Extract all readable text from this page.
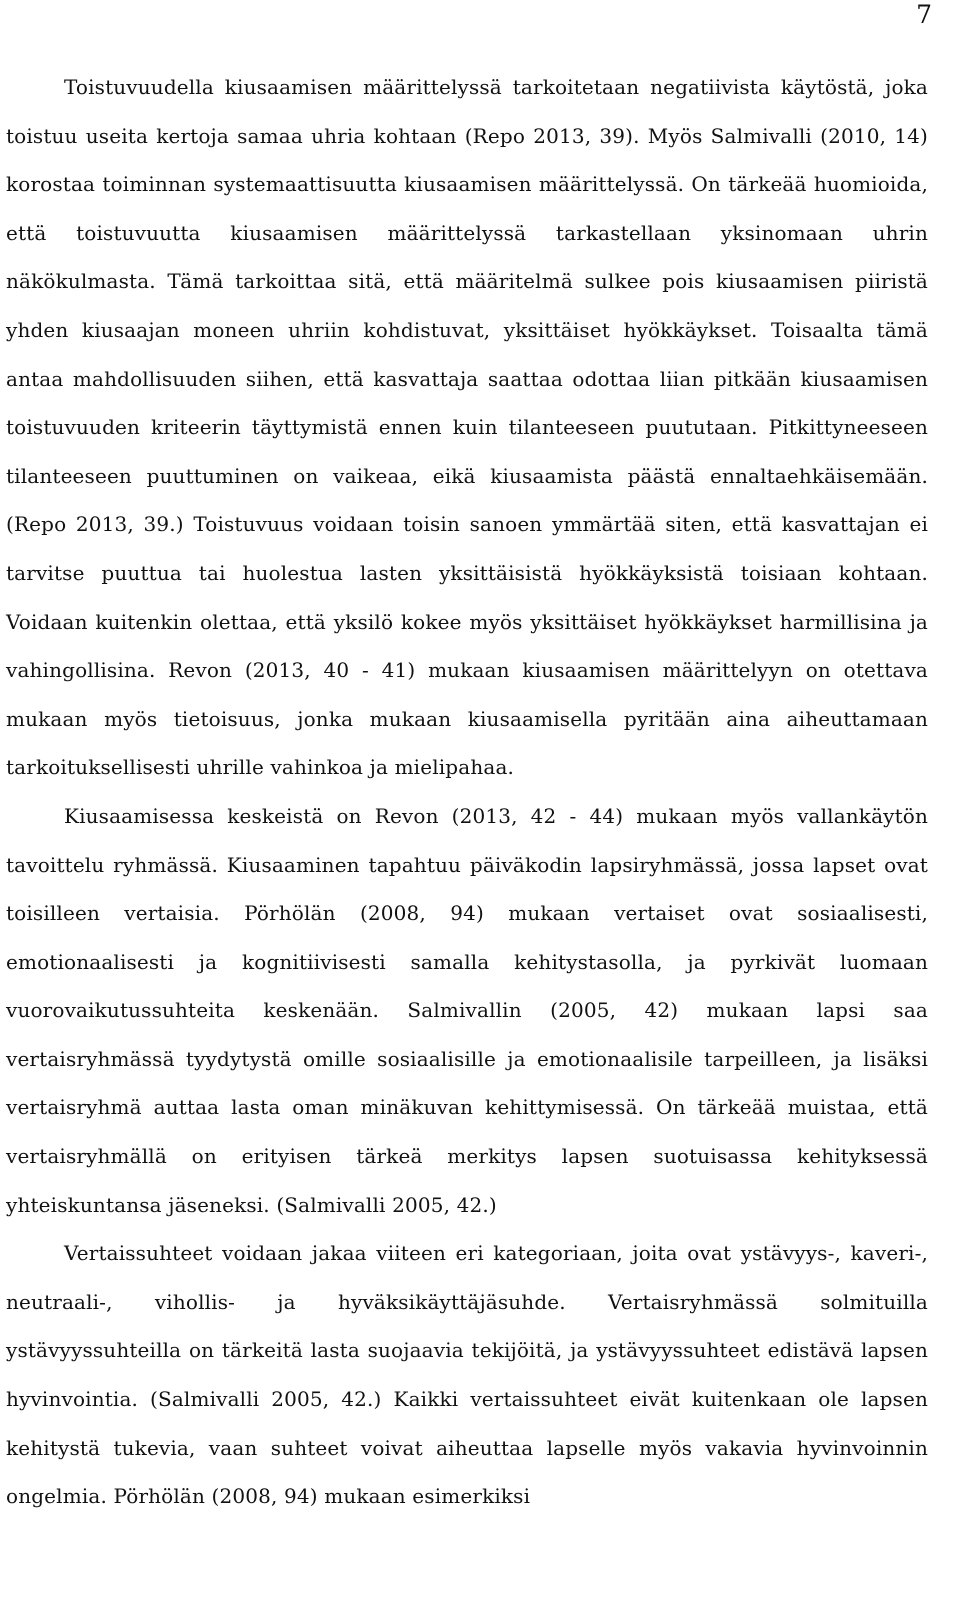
7

Toistuvuudella kiusaamisen määrittelyssä tarkoitetaan negatiivista käytöstä, joka toistuu useita kertoja samaa uhria kohtaan (Repo 2013, 39). Myös Salmivalli (2010, 14) korostaa toiminnan systemaattisuutta kiusaamisen määrittelyssä. On tärkeää huomioida, että toistuvuutta kiusaamisen määrittelyssä tarkastellaan yksinomaan uhrin näkökulmasta. Tämä tarkoittaa sitä, että määritelmä sulkee pois kiusaamisen piiristä yhden kiusaajan moneen uhriin kohdistuvat, yksittäiset hyökkäykset. Toisaalta tämä antaa mahdollisuuden siihen, että kasvattaja saattaa odottaa liian pitkään kiusaamisen toistuvuuden kriteerin täyttymistä ennen kuin tilanteeseen puututaan. Pitkittyneeseen tilanteeseen puuttuminen on vaikeaa, eikä kiusaamista päästä ennaltaehkäisemään. (Repo 2013, 39.) Toistuvuus voidaan toisin sanoen ymmärtää siten, että kasvattajan ei tarvitse puuttua tai huolestua lasten yksittäisistä hyökkäyksistä toisiaan kohtaan. Voidaan kuitenkin olettaa, että yksilö kokee myös yksittäiset hyökkäykset harmillisina ja vahingollisina. Revon (2013, 40 - 41) mukaan kiusaamisen määrittelyyn on otettava mukaan myös tietoisuus, jonka mukaan kiusaamisella pyritään aina aiheuttamaan tarkoituksellisesti uhrille vahinkoa ja mielipahaa.

Kiusaamisessa keskeistä on Revon (2013, 42 - 44) mukaan myös vallankäytön tavoittelu ryhmässä. Kiusaaminen tapahtuu päiväkodin lapsiryhmässä, jossa lapset ovat toisilleen vertaisia. Pörhölän (2008, 94) mukaan vertaiset ovat sosiaalisesti, emotionaalisesti ja kognitiivisesti samalla kehitystasolla, ja pyrkivät luomaan vuorovaikutussuhteita keskenään. Salmivallin (2005, 42) mukaan lapsi saa vertaisryhmässä tyydytystä omille sosiaalisille ja emotionaalisile tarpeilleen, ja lisäksi vertaisryhmä auttaa lasta oman minäkuvan kehittymisessä. On tärkeää muistaa, että vertaisryhmällä on erityisen tärkeä merkitys lapsen suotuisassa kehityksessä yhteiskuntansa jäseneksi. (Salmivalli 2005, 42.)

Vertaissuhteet voidaan jakaa viiteen eri kategoriaan, joita ovat ystävyys-, kaveri-, neutraali-, vihollis- ja hyväksikäyttäjäsuhde. Vertaisryhmässä solmituilla ystävyyssuhteilla on tärkeitä lasta suojaavia tekijöitä, ja ystävyyssuhteet edistävä lapsen hyvinvointia. (Salmivalli 2005, 42.) Kaikki vertaissuhteet eivät kuitenkaan ole lapsen kehitystä tukevia, vaan suhteet voivat aiheuttaa lapselle myös vakavia hyvinvoinnin ongelmia. Pörhölän (2008, 94) mukaan esimerkiksi
